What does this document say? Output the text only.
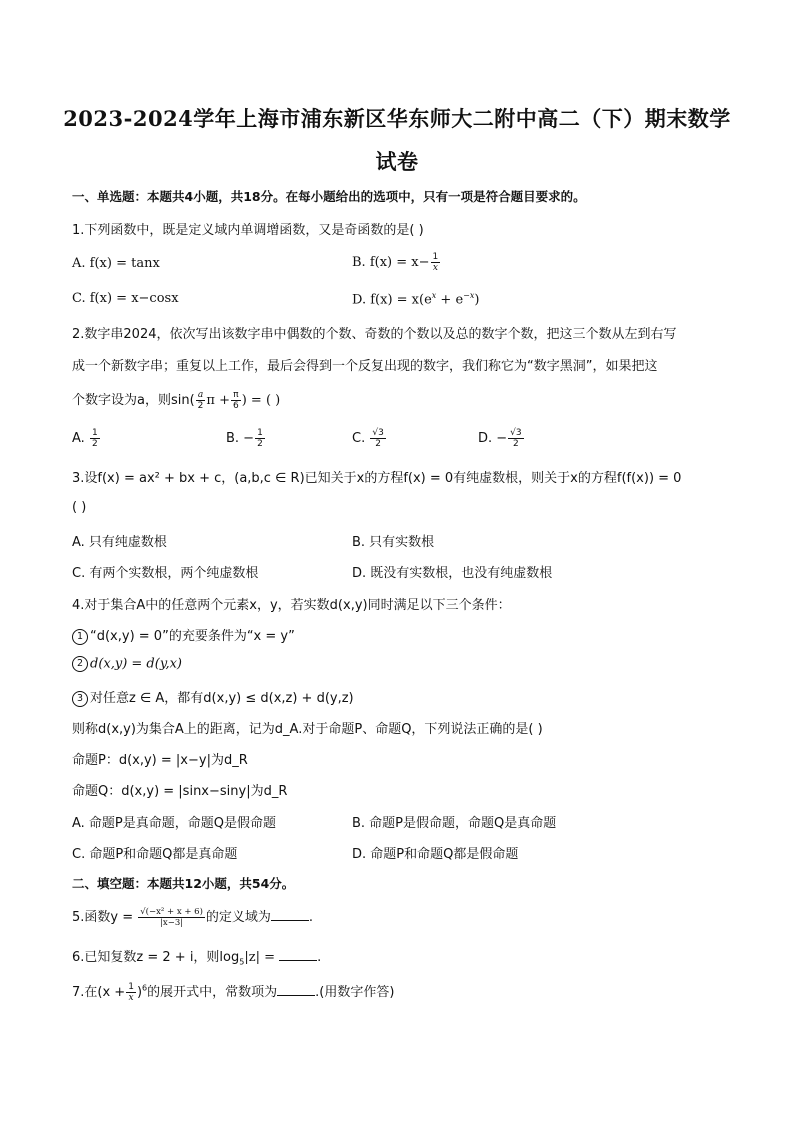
2023-2024学年上海市浦东新区华东师大二附中高二（下）期末数学
试卷
一、单选题：本题共4小题，共18分。在每小题给出的选项中，只有一项是符合题目要求的。
1.下列函数中，既是定义域内单调增函数，又是奇函数的是( )
A. f(x) = tanx	B. $f(x) = x- \frac{1}{x}$
C. f(x) = x−cosx	D. $f(x) = x(e^x + e^{-x})$
2.数字串2024，依次写出该数字串中偶数的个数、奇数的个数以及总的数字个数，把这三个数从左到右写
成一个新数字串；重复以上工作，最后会得到一个反复出现的数字，我们称它为“数字黑洞”，如果把这
个数字设为a，则$\sin( \frac{a}{2}$ $\pi + \frac{\pi}{6}$ ) = ( )
A. $\frac{1}{2}$	B. − $\frac{1}{2}$	C. $\frac{√3}{2}$	D. − $\frac{√3}{2}$
3.设f(x) = ax² + bx + c，(a,b,c ∈ R)已知关于x的方程f(x) = 0有纯虚数根，则关于x的方程f(f(x)) = 0
( )
A. 只有纯虚数根	B. 只有实数根
C. 有两个实数根，两个纯虚数根	D. 既没有实数根，也没有纯虚数根
4.对于集合A中的任意两个元素x，y，若实数d(x,y)同时满足以下三个条件：
1 “d(x,y) = 0”的充要条件为“x = y”
2 d(x,y) = d(y,x)
3 对任意z ∈ A，都有d(x,y) ≤ d(x,z) + d(y,z)
则称d(x,y)为集合A上的距离，记为d_A.对于命题P、命题Q，下列说法正确的是( )
命题P：d(x,y) = |x−y|为d_R
命题Q：d(x,y) = |sinx−siny|为d_R
A. 命题P是真命题，命题Q是假命题	B. 命题P是假命题，命题Q是真命题
C. 命题P和命题Q都是真命题	D. 命题P和命题Q都是假命题
二、填空题：本题共12小题，共54分。
5.函数$y = \frac{\text{√(−x² + x + 6)}}{|x-3|}$ 的定义域为	.
6.已知复数z = 2 + i，则$\log_5|z|$ =	.
7.在$(x + \frac{1}{x} )^6$的展开式中，常数项为	.(用数字作答)
